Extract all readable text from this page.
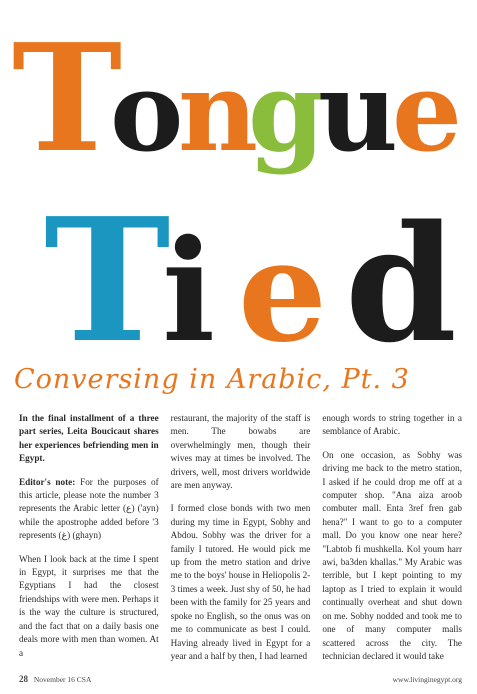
T
o
n
g
u
e
T
i e d
Conversing in Arabic, Pt. 3

In the final installment of a three part series, Leita Boucicaut shares her experiences befriending men in Egypt.

Editor's note: For the purposes of this article, please note the number 3 represents the Arabic letter (ع) ('ayn) while the apostrophe added before '3 represents (غ) (ghayn)

When I look back at the time I spent in Egypt, it surprises me that the Egyptians I had the closest friendships with were men. Perhaps it is the way the culture is structured, and the fact that on a daily basis one deals more with men than women. At a

restaurant, the majority of the staff is men. The bowabs are overwhelmingly men, though their wives may at times be involved. The drivers, well, most drivers worldwide are men anyway.

I formed close bonds with two men during my time in Egypt, Sobhy and Abdou. Sobhy was the driver for a family I tutored. He would pick me up from the metro station and drive me to the boys' house in Heliopolis 2-3 times a week. Just shy of 50, he had been with the family for 25 years and spoke no English, so the onus was on me to communicate as best I could. Having already lived in Egypt for a year and a half by then, I had learned

enough words to string together in a semblance of Arabic.

On one occasion, as Sobhy was driving me back to the metro station, I asked if he could drop me off at a computer shop. "Ana aiza aroob combuter mall. Enta 3ref fren gab hena?" I want to go to a computer mall. Do you know one near here? "Labtob fi mushkella. Kol youm harr awi, ba3den khallas." My Arabic was terrible, but I kept pointing to my laptop as I tried to explain it would continually overheat and shut down on me. Sobhy nodded and took me to one of many computer malls scattered across the city. The technician declared it would take

28 November 16 CSA	www.livinginegypt.org
